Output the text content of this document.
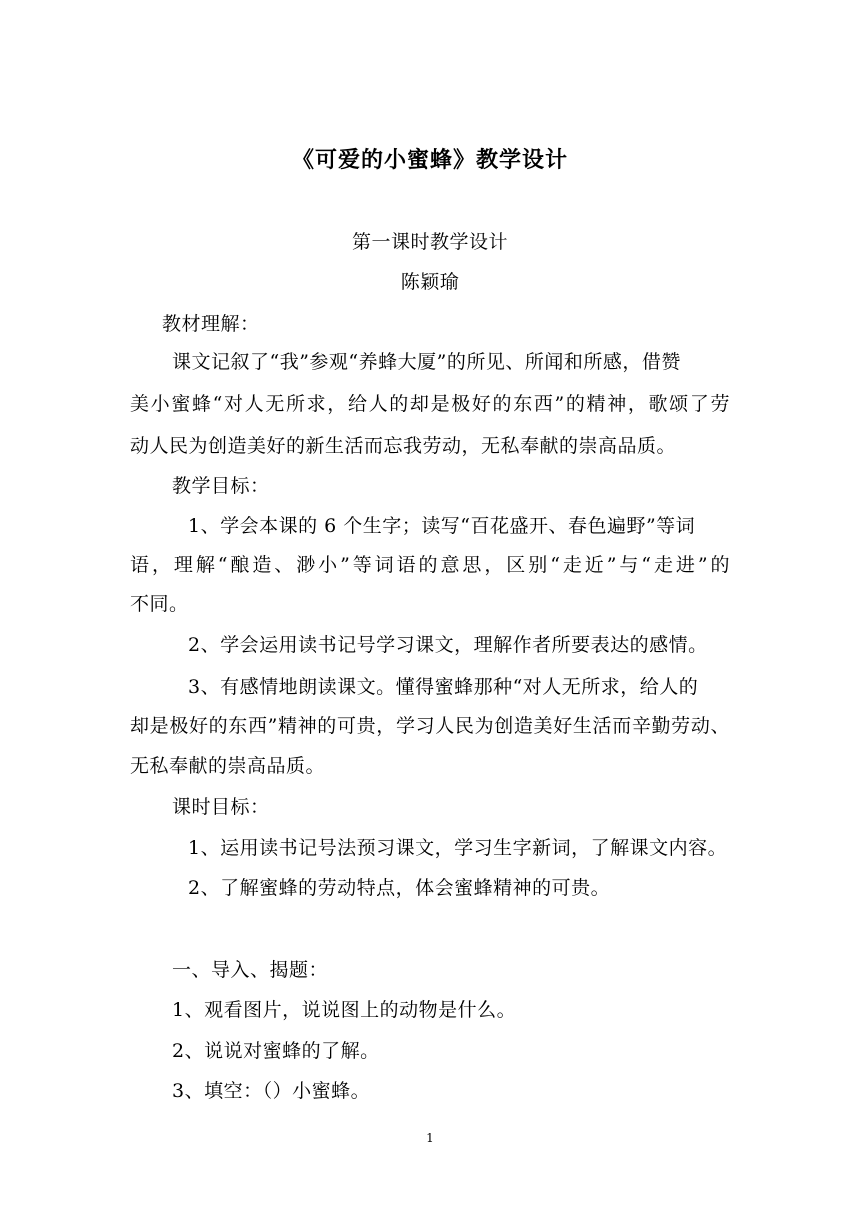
《可爱的小蜜蜂》教学设计
第一课时教学设计
陈颖瑜
教材理解：
课文记叙了“我”参观“养蜂大厦”的所见、所闻和所感，借赞
美小蜜蜂“对人无所求，给人的却是极好的东西”的精神，歌颂了劳
动人民为创造美好的新生活而忘我劳动，无私奉献的崇高品质。
教学目标：
1、学会本课的 6 个生字；读写“百花盛开、春色遍野”等词
语，理解“酿造、渺小”等词语的意思，区别“走近”与“走进”的
不同。
2、学会运用读书记号学习课文，理解作者所要表达的感情。
3、有感情地朗读课文。懂得蜜蜂那种“对人无所求，给人的
却是极好的东西”精神的可贵，学习人民为创造美好生活而辛勤劳动、
无私奉献的崇高品质。
课时目标：
1、运用读书记号法预习课文，学习生字新词，了解课文内容。
2、了解蜜蜂的劳动特点，体会蜜蜂精神的可贵。
一、导入、揭题：
1、观看图片，说说图上的动物是什么。
2、说说对蜜蜂的了解。
3、填空：（）小蜜蜂。
1
